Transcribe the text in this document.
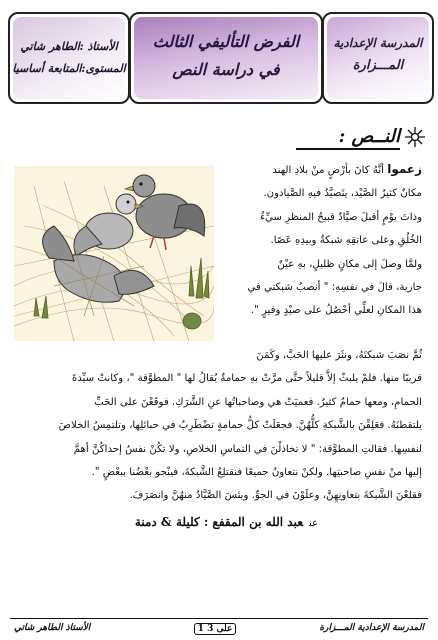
المدرسة الإعدادية
المـــزارة
الفرض التأليفي الثالث
في دراسة النص
الأستاذ :الطاهر شاتي
المستوى:المتابعة أساسيا
النــص :
زعموا أنَّهُ كانَ بأرْضٍ منْ بلادِ الهند
مكانٌ كثيرُ الصَّيْد، يتَصيَّدُ فيهِ الصَّيادون.
وذاتَ يوْمٍ أقبلَ صيَّادٌ قبيحُ المنظرِ سيِّءُ
الخُلُقِ وعلى عاتقِهِ شبكةٌ وبيدِهِ عَصًا.
ولمَّا وصلَ إلى مكانٍ ظليلٍ، بهِ عيْنٌ
جارية، قالَ في نفسِهِ: " أنصبُ شبكتي في
هذا المكانِ لعلِّي أحْصُلُ على صيْدٍ وفيرٍ ".
ثُمَّ نصَبَ شبكتَهُ، ونثَرَ عليها الحَبَّ، وكَمَنَ
قريبًا منها. فلمْ يلبثْ إلاَّ قليلاً حتَّى مرَّتْ بهِ حمامةٌ يُقالُ لها " المطوَّقة "، وكانتْ سيِّدةَ
الحمامِ، ومعها حمامٌ كثيرٌ. فعميَتْ هي وصاحباتُها عنِ الشَّرَكِ. فوقَعْنَ على الحَبِّ
يلتقطنَهُ. فعَلِقْنَ بالشَّبكةِ كلُّهُنَّ. فجعَلَتْ كلُّ حمامةٍ تضْطَرِبُ في حبائلِها، وتلتمِسُ الخلاصَ
لنفسِها. فقالتِ المطوَّقة: " لا تخاذلْنَ في التماسِ الخلاصِ، ولا تكُنْ نفسُ إحداكُنَّ أهمَّ
إليها منْ نفسِ صاحبتِها. ولكنْ نتعاونُ جميعًا فنقتلِعُ الشَّبكةَ، فينْجو بعْضُنا ببعْضٍ ".
فقلعْنَ الشَّبكةَ بتعاونِهِنَّ، وعلَوْنَ في الجوِّ. ويئسَ الصَّيَّادُ منهُنَّ وانصَرَفَ.
عنعبد الله بن المقفع : كليلة & دمنة
المدرسة الإعدادية المـــزارة
1 على 3
الأستاذ الطاهر شاتي
